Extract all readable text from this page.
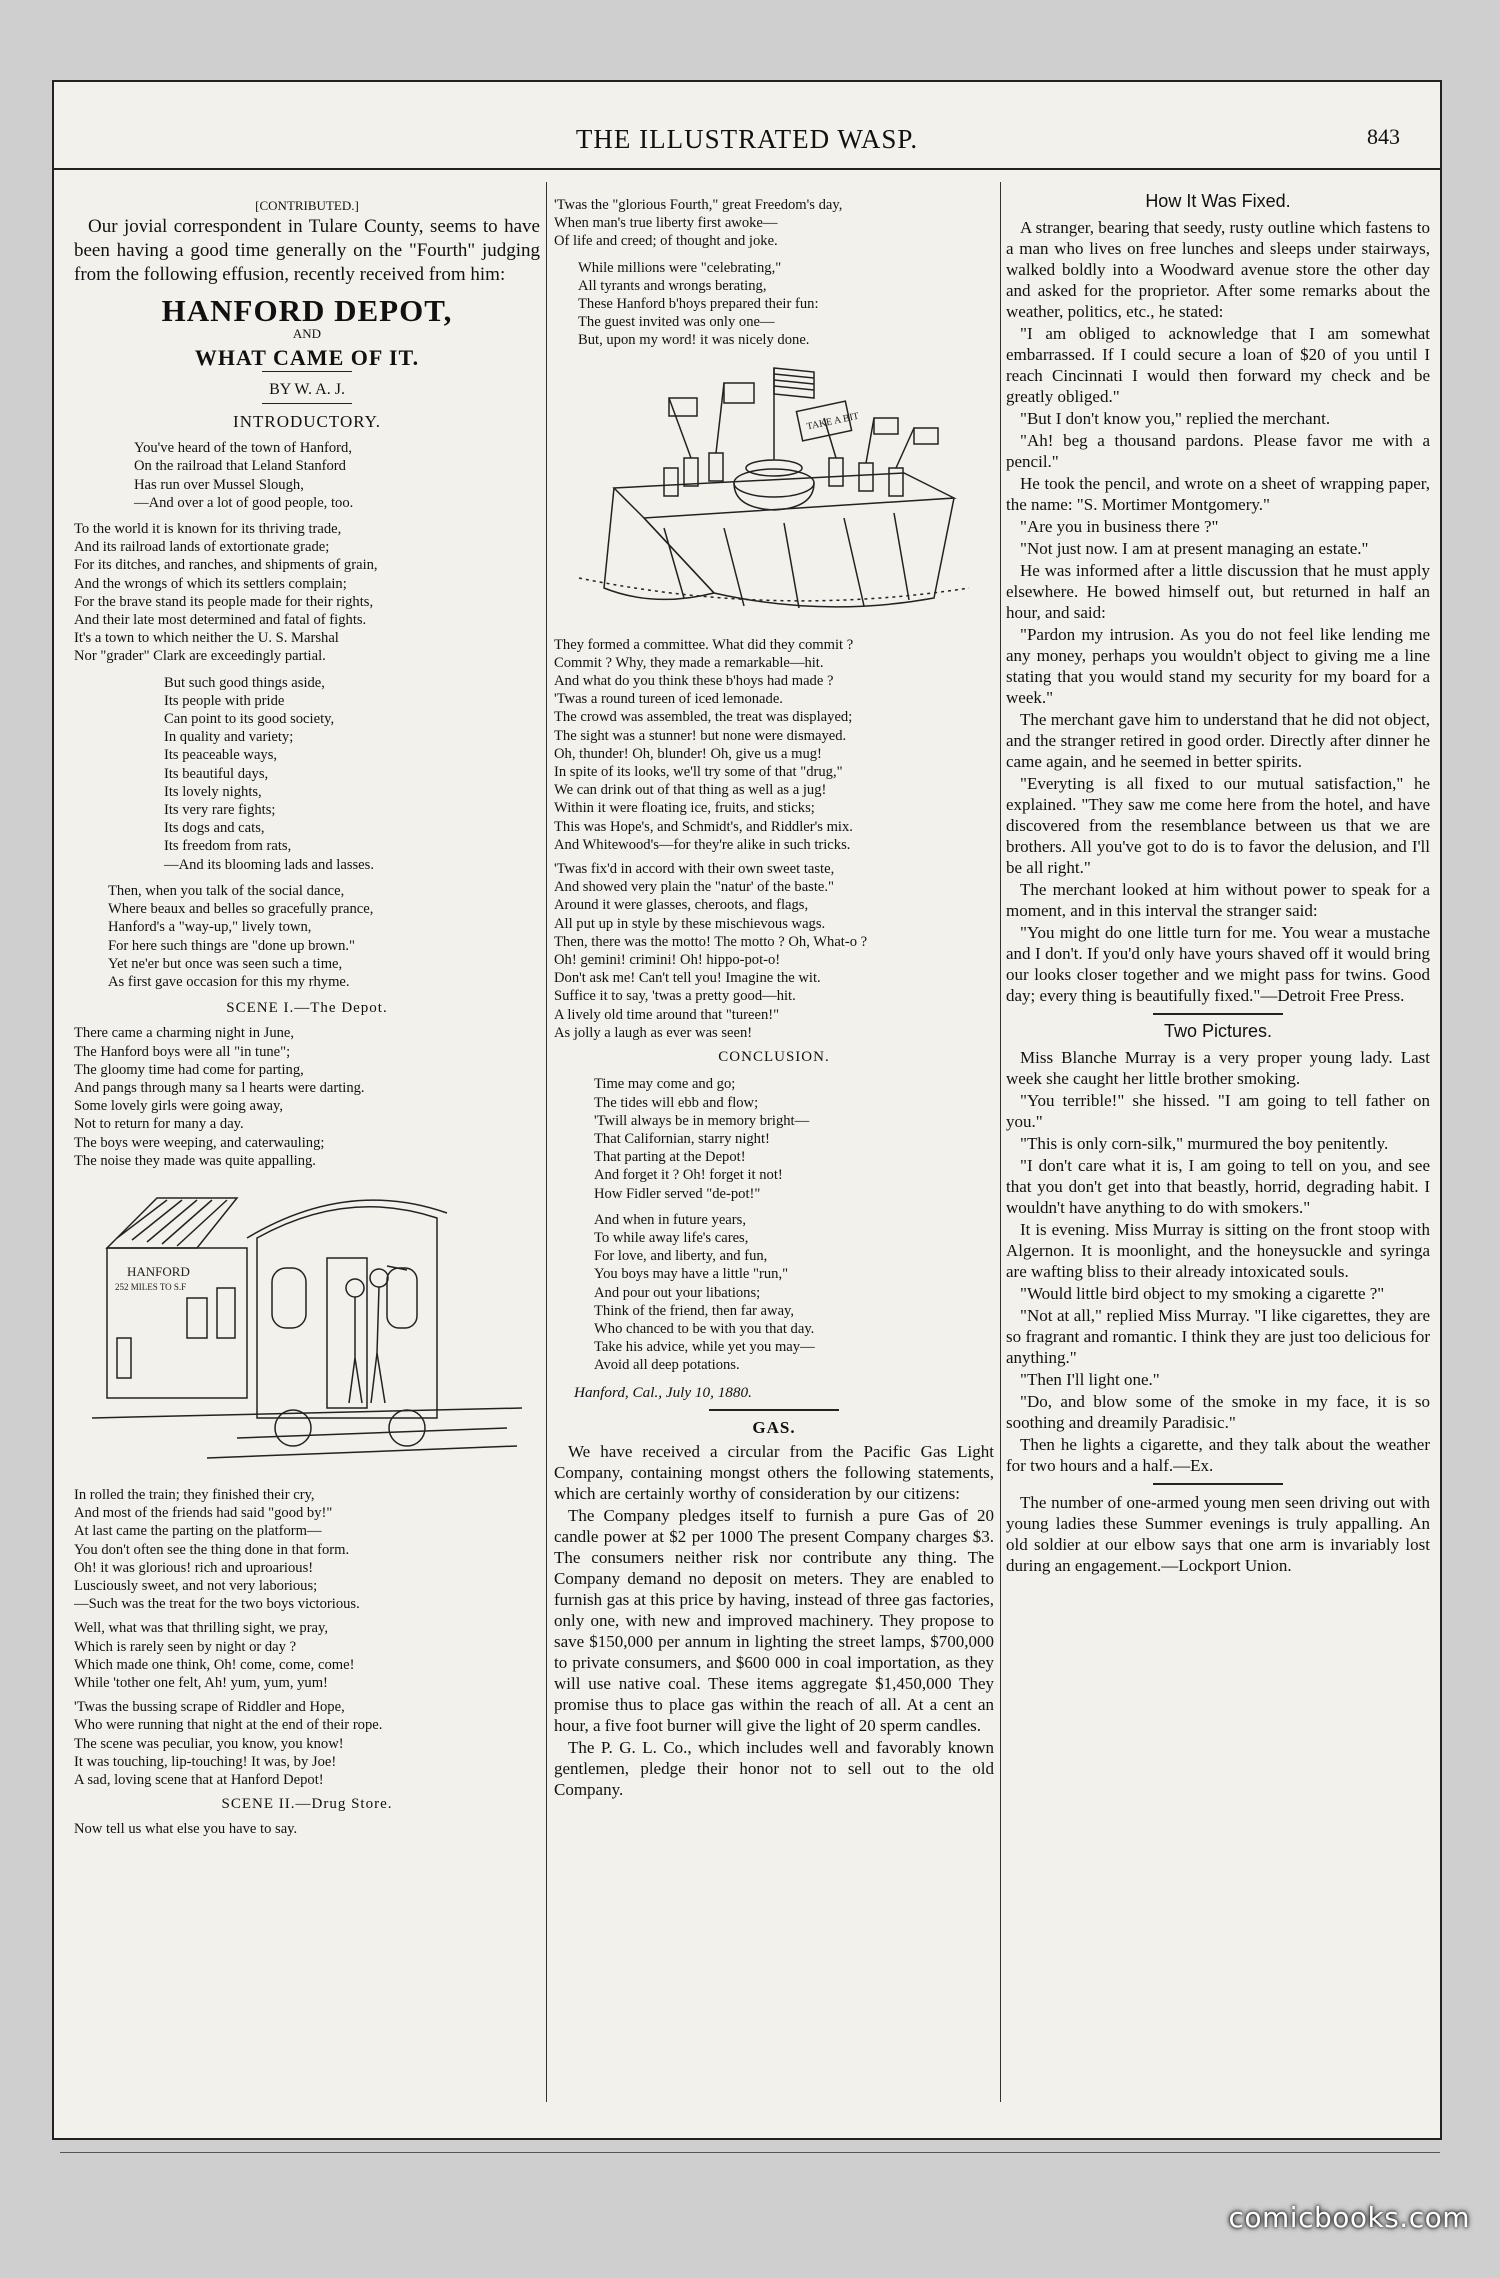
THE ILLUSTRATED WASP.	843
[CONTRIBUTED.]

Our jovial correspondent in Tulare County, seems to have been having a good time generally on the "Fourth" judging from the following effusion, recently received from him:

HANFORD DEPOT,
AND
WHAT CAME OF IT.
BY W. A. J.
INTRODUCTORY.
You've heard of the town of Hanford,
On the railroad that Leland Stanford
Has run over Mussel Slough,
—And over a lot of good people, too.
To the world it is known for its thriving trade,
And its railroad lands of extortionate grade;
For its ditches, and ranches, and shipments of grain,
And the wrongs of which its settlers complain;
For the brave stand its people made for their rights,
And their late most determined and fatal of fights.
It's a town to which neither the U. S. Marshal
Nor "grader" Clark are exceedingly partial.
But such good things aside,
Its people with pride
Can point to its good society,
In quality and variety;
Its peaceable ways,
Its beautiful days,
Its lovely nights,
Its very rare fights;
Its dogs and cats,
Its freedom from rats,
—And its blooming lads and lasses.
Then, when you talk of the social dance,
Where beaux and belles so gracefully prance,
Hanford's a "way-up," lively town,
For here such things are "done up brown."
Yet ne'er but once was seen such a time,
As first gave occasion for this my rhyme.
SCENE I.—The Depot.
There came a charming night in June,
The Hanford boys were all "in tune";
The gloomy time had come for parting,
And pangs through many sa l hearts were darting.
Some lovely girls were going away,
Not to return for many a day.
The boys were weeping, and caterwauling;
The noise they made was quite appalling.
HANFORD
252 MILES TO S.F
In rolled the train; they finished their cry,
And most of the friends had said "good by!"
At last came the parting on the platform—
You don't often see the thing done in that form.
Oh! it was glorious! rich and uproarious!
Lusciously sweet, and not very laborious;
—Such was the treat for the two boys victorious.
Well, what was that thrilling sight, we pray,
Which is rarely seen by night or day ?
Which made one think, Oh! come, come, come!
While 'tother one felt, Ah! yum, yum, yum!
'Twas the bussing scrape of Riddler and Hope,
Who were running that night at the end of their rope.
The scene was peculiar, you know, you know!
It was touching, lip-touching! It was, by Joe!
A sad, loving scene that at Hanford Depot!
SCENE II.—Drug Store.
Now tell us what else you have to say.
'Twas the "glorious Fourth," great Freedom's day,
When man's true liberty first awoke—
Of life and creed; of thought and joke.
While millions were "celebrating,"
All tyrants and wrongs berating,
These Hanford b'hoys prepared their fun:
The guest invited was only one—
But, upon my word! it was nicely done.
TAKE A BIT
They formed a committee. What did they commit ?
Commit ? Why, they made a remarkable—hit.
And what do you think these b'hoys had made ?
'Twas a round tureen of iced lemonade.
The crowd was assembled, the treat was displayed;
The sight was a stunner! but none were dismayed.
Oh, thunder! Oh, blunder! Oh, give us a mug!
In spite of its looks, we'll try some of that "drug,"
We can drink out of that thing as well as a jug!
Within it were floating ice, fruits, and sticks;
This was Hope's, and Schmidt's, and Riddler's mix.
And Whitewood's—for they're alike in such tricks.
'Twas fix'd in accord with their own sweet taste,
And showed very plain the "natur' of the baste."
Around it were glasses, cheroots, and flags,
All put up in style by these mischievous wags.
Then, there was the motto! The motto ? Oh, What-o ?
Oh! gemini! crimini! Oh! hippo-pot-o!
Don't ask me! Can't tell you! Imagine the wit.
Suffice it to say, 'twas a pretty good—hit.
A lively old time around that "tureen!"
As jolly a laugh as ever was seen!
CONCLUSION.
Time may come and go;
The tides will ebb and flow;
'Twill always be in memory bright—
That Californian, starry night!
That parting at the Depot!
And forget it ? Oh! forget it not!
How Fidler served "de-pot!"
And when in future years,
To while away life's cares,
For love, and liberty, and fun,
You boys may have a little "run,"
And pour out your libations;
Think of the friend, then far away,
Who chanced to be with you that day.
Take his advice, while yet you may—
Avoid all deep potations.
Hanford, Cal., July 10, 1880.
GAS.

We have received a circular from the Pacific Gas Light Company, containing mongst others the following statements, which are certainly worthy of consideration by our citizens:

The Company pledges itself to furnish a pure Gas of 20 candle power at $2 per 1000 The present Company charges $3. The consumers neither risk nor contribute any thing. The Company demand no deposit on meters. They are enabled to furnish gas at this price by having, instead of three gas factories, only one, with new and improved machinery. They propose to save $150,000 per annum in lighting the street lamps, $700,000 to private consumers, and $600 000 in coal importation, as they will use native coal. These items aggregate $1,450,000 They promise thus to place gas within the reach of all. At a cent an hour, a five foot burner will give the light of 20 sperm candles.

The P. G. L. Co., which includes well and favorably known gentlemen, pledge their honor not to sell out to the old Company.

How It Was Fixed.

A stranger, bearing that seedy, rusty outline which fastens to a man who lives on free lunches and sleeps under stairways, walked boldly into a Woodward avenue store the other day and asked for the proprietor. After some remarks about the weather, politics, etc., he stated:

"I am obliged to acknowledge that I am somewhat embarrassed. If I could secure a loan of $20 of you until I reach Cincinnati I would then forward my check and be greatly obliged."

"But I don't know you," replied the merchant.

"Ah! beg a thousand pardons. Please favor me with a pencil."

He took the pencil, and wrote on a sheet of wrapping paper, the name: "S. Mortimer Montgomery."

"Are you in business there ?"

"Not just now. I am at present managing an estate."

He was informed after a little discussion that he must apply elsewhere. He bowed himself out, but returned in half an hour, and said:

"Pardon my intrusion. As you do not feel like lending me any money, perhaps you wouldn't object to giving me a line stating that you would stand my security for my board for a week."

The merchant gave him to understand that he did not object, and the stranger retired in good order. Directly after dinner he came again, and he seemed in better spirits.

"Everyting is all fixed to our mutual satisfaction," he explained. "They saw me come here from the hotel, and have discovered from the resemblance between us that we are brothers. All you've got to do is to favor the delusion, and I'll be all right."

The merchant looked at him without power to speak for a moment, and in this interval the stranger said:

"You might do one little turn for me. You wear a mustache and I don't. If you'd only have yours shaved off it would bring our looks closer together and we might pass for twins. Good day; every thing is beautifully fixed."—Detroit Free Press.

Two Pictures.

Miss Blanche Murray is a very proper young lady. Last week she caught her little brother smoking.

"You terrible!" she hissed. "I am going to tell father on you."

"This is only corn-silk," murmured the boy penitently.

"I don't care what it is, I am going to tell on you, and see that you don't get into that beastly, horrid, degrading habit. I wouldn't have anything to do with smokers."

It is evening. Miss Murray is sitting on the front stoop with Algernon. It is moonlight, and the honeysuckle and syringa are wafting bliss to their already intoxicated souls.

"Would little bird object to my smoking a cigarette ?"

"Not at all," replied Miss Murray. "I like cigarettes, they are so fragrant and romantic. I think they are just too delicious for anything."

"Then I'll light one."

"Do, and blow some of the smoke in my face, it is so soothing and dreamily Paradisic."

Then he lights a cigarette, and they talk about the weather for two hours and a half.—Ex.

The number of one-armed young men seen driving out with young ladies these Summer evenings is truly appalling. An old soldier at our elbow says that one arm is invariably lost during an engagement.—Lockport Union.

comicbooks.com
